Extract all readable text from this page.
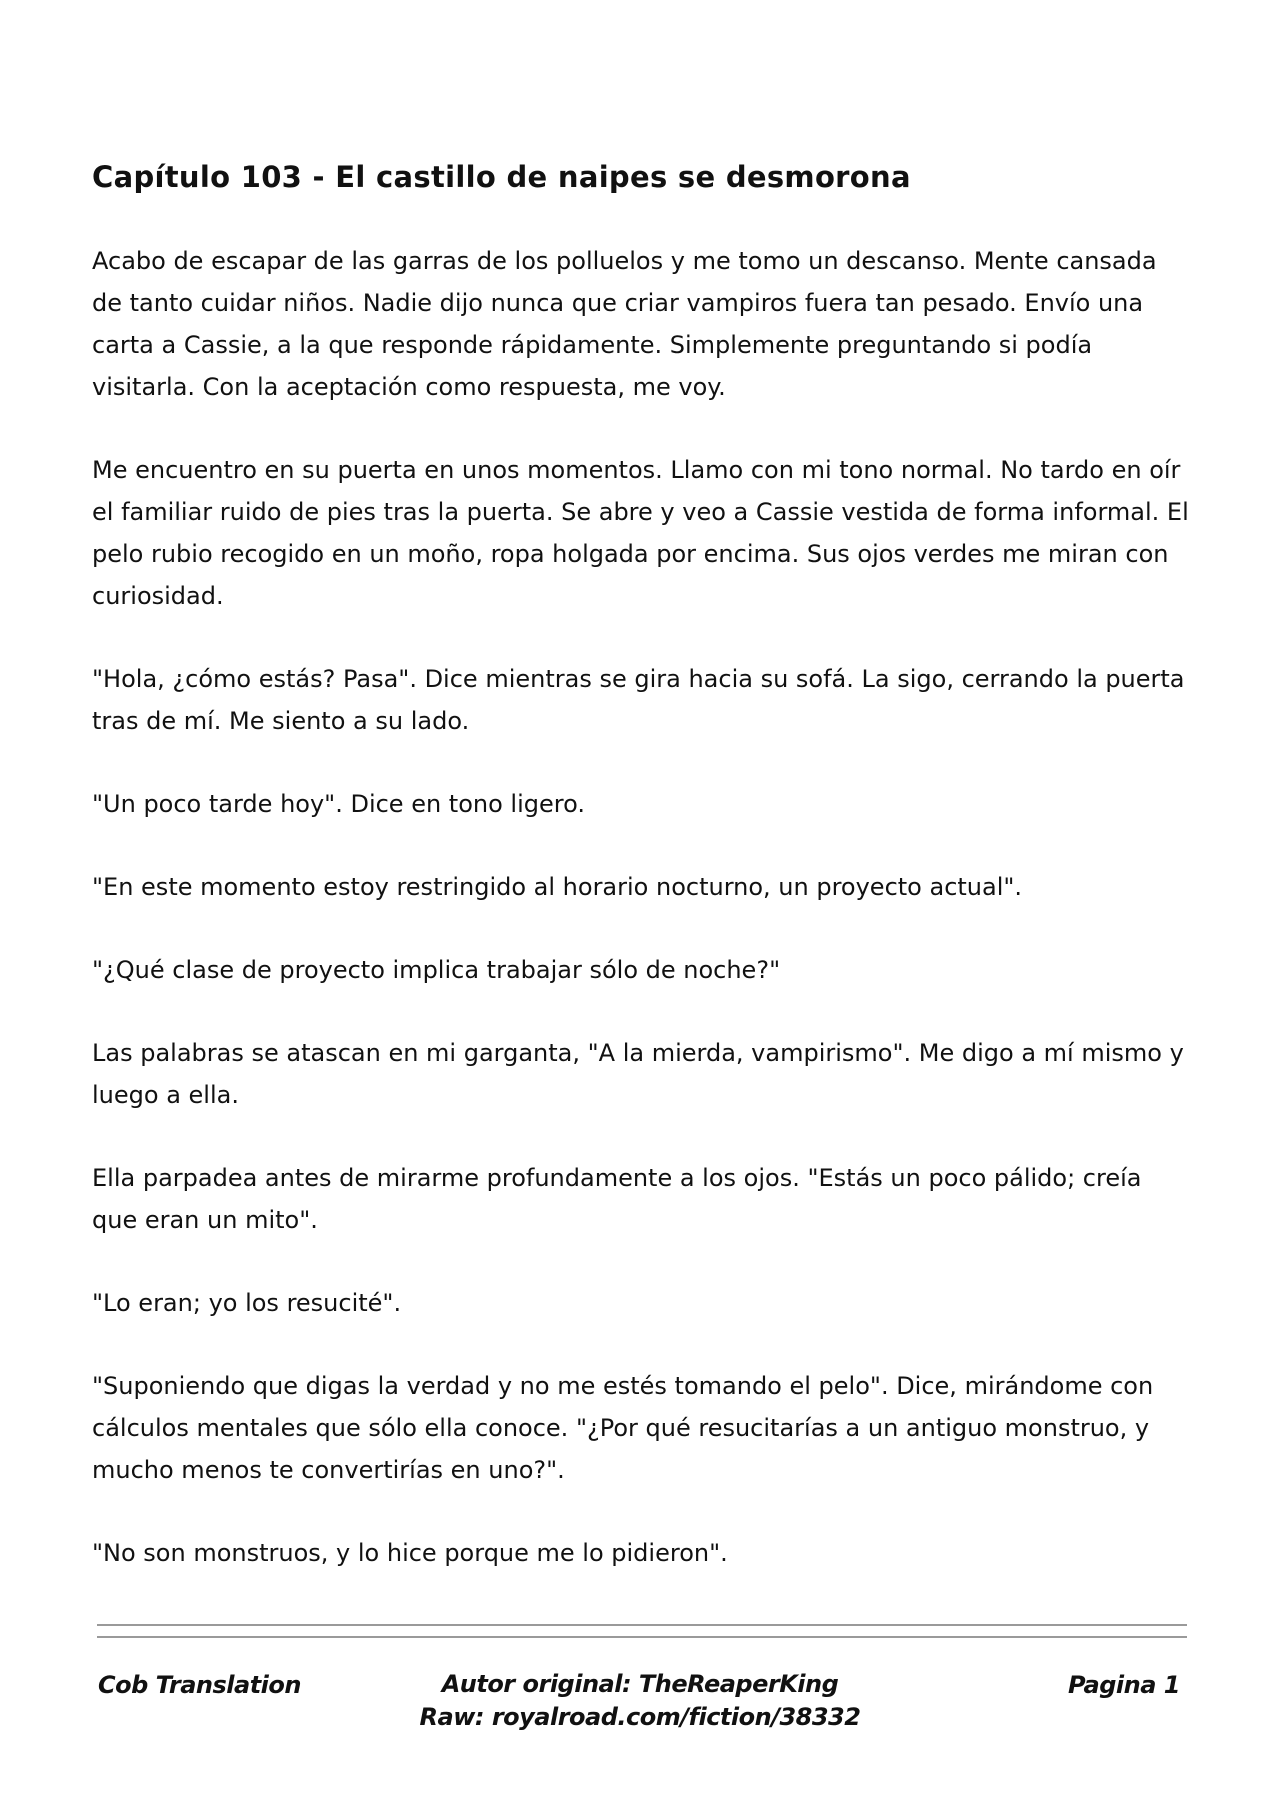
Capítulo 103 - El castillo de naipes se desmorona

Acabo de escapar de las garras de los polluelos y me tomo un descanso. Mente cansada de tanto cuidar niños. Nadie dijo nunca que criar vampiros fuera tan pesado. Envío una carta a Cassie, a la que responde rápidamente. Simplemente preguntando si podía visitarla. Con la aceptación como respuesta, me voy.

Me encuentro en su puerta en unos momentos. Llamo con mi tono normal. No tardo en oír el familiar ruido de pies tras la puerta. Se abre y veo a Cassie vestida de forma informal. El pelo rubio recogido en un moño, ropa holgada por encima. Sus ojos verdes me miran con curiosidad.

"Hola, ¿cómo estás? Pasa". Dice mientras se gira hacia su sofá. La sigo, cerrando la puerta tras de mí. Me siento a su lado.

"Un poco tarde hoy". Dice en tono ligero.

"En este momento estoy restringido al horario nocturno, un proyecto actual".

"¿Qué clase de proyecto implica trabajar sólo de noche?"

Las palabras se atascan en mi garganta, "A la mierda, vampirismo". Me digo a mí mismo y luego a ella.

Ella parpadea antes de mirarme profundamente a los ojos. "Estás un poco pálido; creía que eran un mito".

"Lo eran; yo los resucité".

"Suponiendo que digas la verdad y no me estés tomando el pelo". Dice, mirándome con cálculos mentales que sólo ella conoce. "¿Por qué resucitarías a un antiguo monstruo, y mucho menos te convertirías en uno?".

"No son monstruos, y lo hice porque me lo pidieron".

Cob Translation	Autor original: TheReaperKing
Raw: royalroad.com/fiction/38332
Pagina 1
